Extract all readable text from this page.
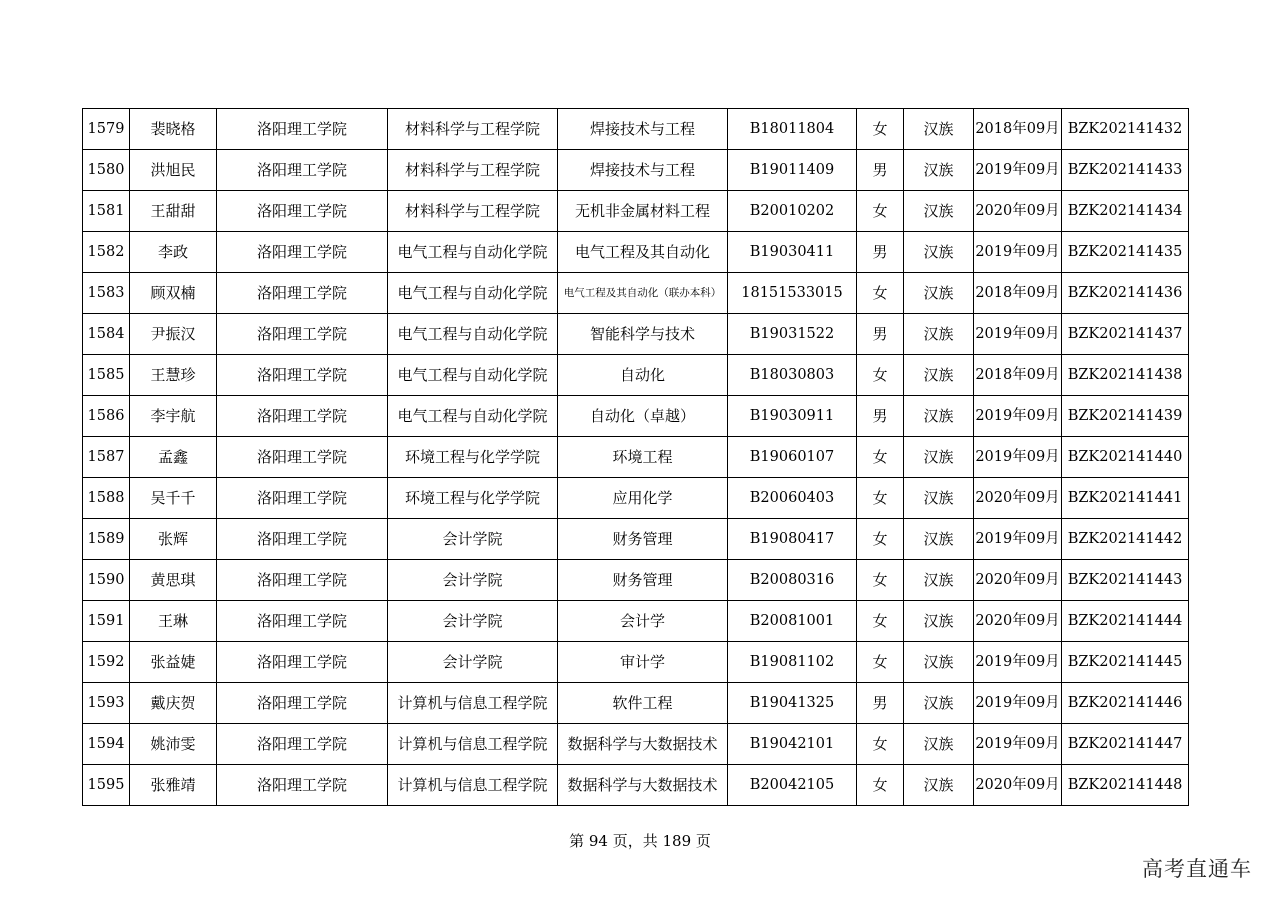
1579	裴晓格	洛阳理工学院	材料科学与工程学院	焊接技术与工程	B18011804	女	汉族	2018年09月	BZK202141432
1580	洪旭民	洛阳理工学院	材料科学与工程学院	焊接技术与工程	B19011409	男	汉族	2019年09月	BZK202141433
1581	王甜甜	洛阳理工学院	材料科学与工程学院	无机非金属材料工程	B20010202	女	汉族	2020年09月	BZK202141434
1582	李政	洛阳理工学院	电气工程与自动化学院	电气工程及其自动化	B19030411	男	汉族	2019年09月	BZK202141435
1583	顾双楠	洛阳理工学院	电气工程与自动化学院	电气工程及其自动化（联办本科）	18151533015	女	汉族	2018年09月	BZK202141436
1584	尹振汉	洛阳理工学院	电气工程与自动化学院	智能科学与技术	B19031522	男	汉族	2019年09月	BZK202141437
1585	王慧珍	洛阳理工学院	电气工程与自动化学院	自动化	B18030803	女	汉族	2018年09月	BZK202141438
1586	李宇航	洛阳理工学院	电气工程与自动化学院	自动化（卓越）	B19030911	男	汉族	2019年09月	BZK202141439
1587	孟鑫	洛阳理工学院	环境工程与化学学院	环境工程	B19060107	女	汉族	2019年09月	BZK202141440
1588	吴千千	洛阳理工学院	环境工程与化学学院	应用化学	B20060403	女	汉族	2020年09月	BZK202141441
1589	张辉	洛阳理工学院	会计学院	财务管理	B19080417	女	汉族	2019年09月	BZK202141442
1590	黄思琪	洛阳理工学院	会计学院	财务管理	B20080316	女	汉族	2020年09月	BZK202141443
1591	王琳	洛阳理工学院	会计学院	会计学	B20081001	女	汉族	2020年09月	BZK202141444
1592	张益婕	洛阳理工学院	会计学院	审计学	B19081102	女	汉族	2019年09月	BZK202141445
1593	戴庆贺	洛阳理工学院	计算机与信息工程学院	软件工程	B19041325	男	汉族	2019年09月	BZK202141446
1594	姚沛雯	洛阳理工学院	计算机与信息工程学院	数据科学与大数据技术	B19042101	女	汉族	2019年09月	BZK202141447
1595	张雅靖	洛阳理工学院	计算机与信息工程学院	数据科学与大数据技术	B20042105	女	汉族	2020年09月	BZK202141448
第 94 页，共 189 页
高考直通车
